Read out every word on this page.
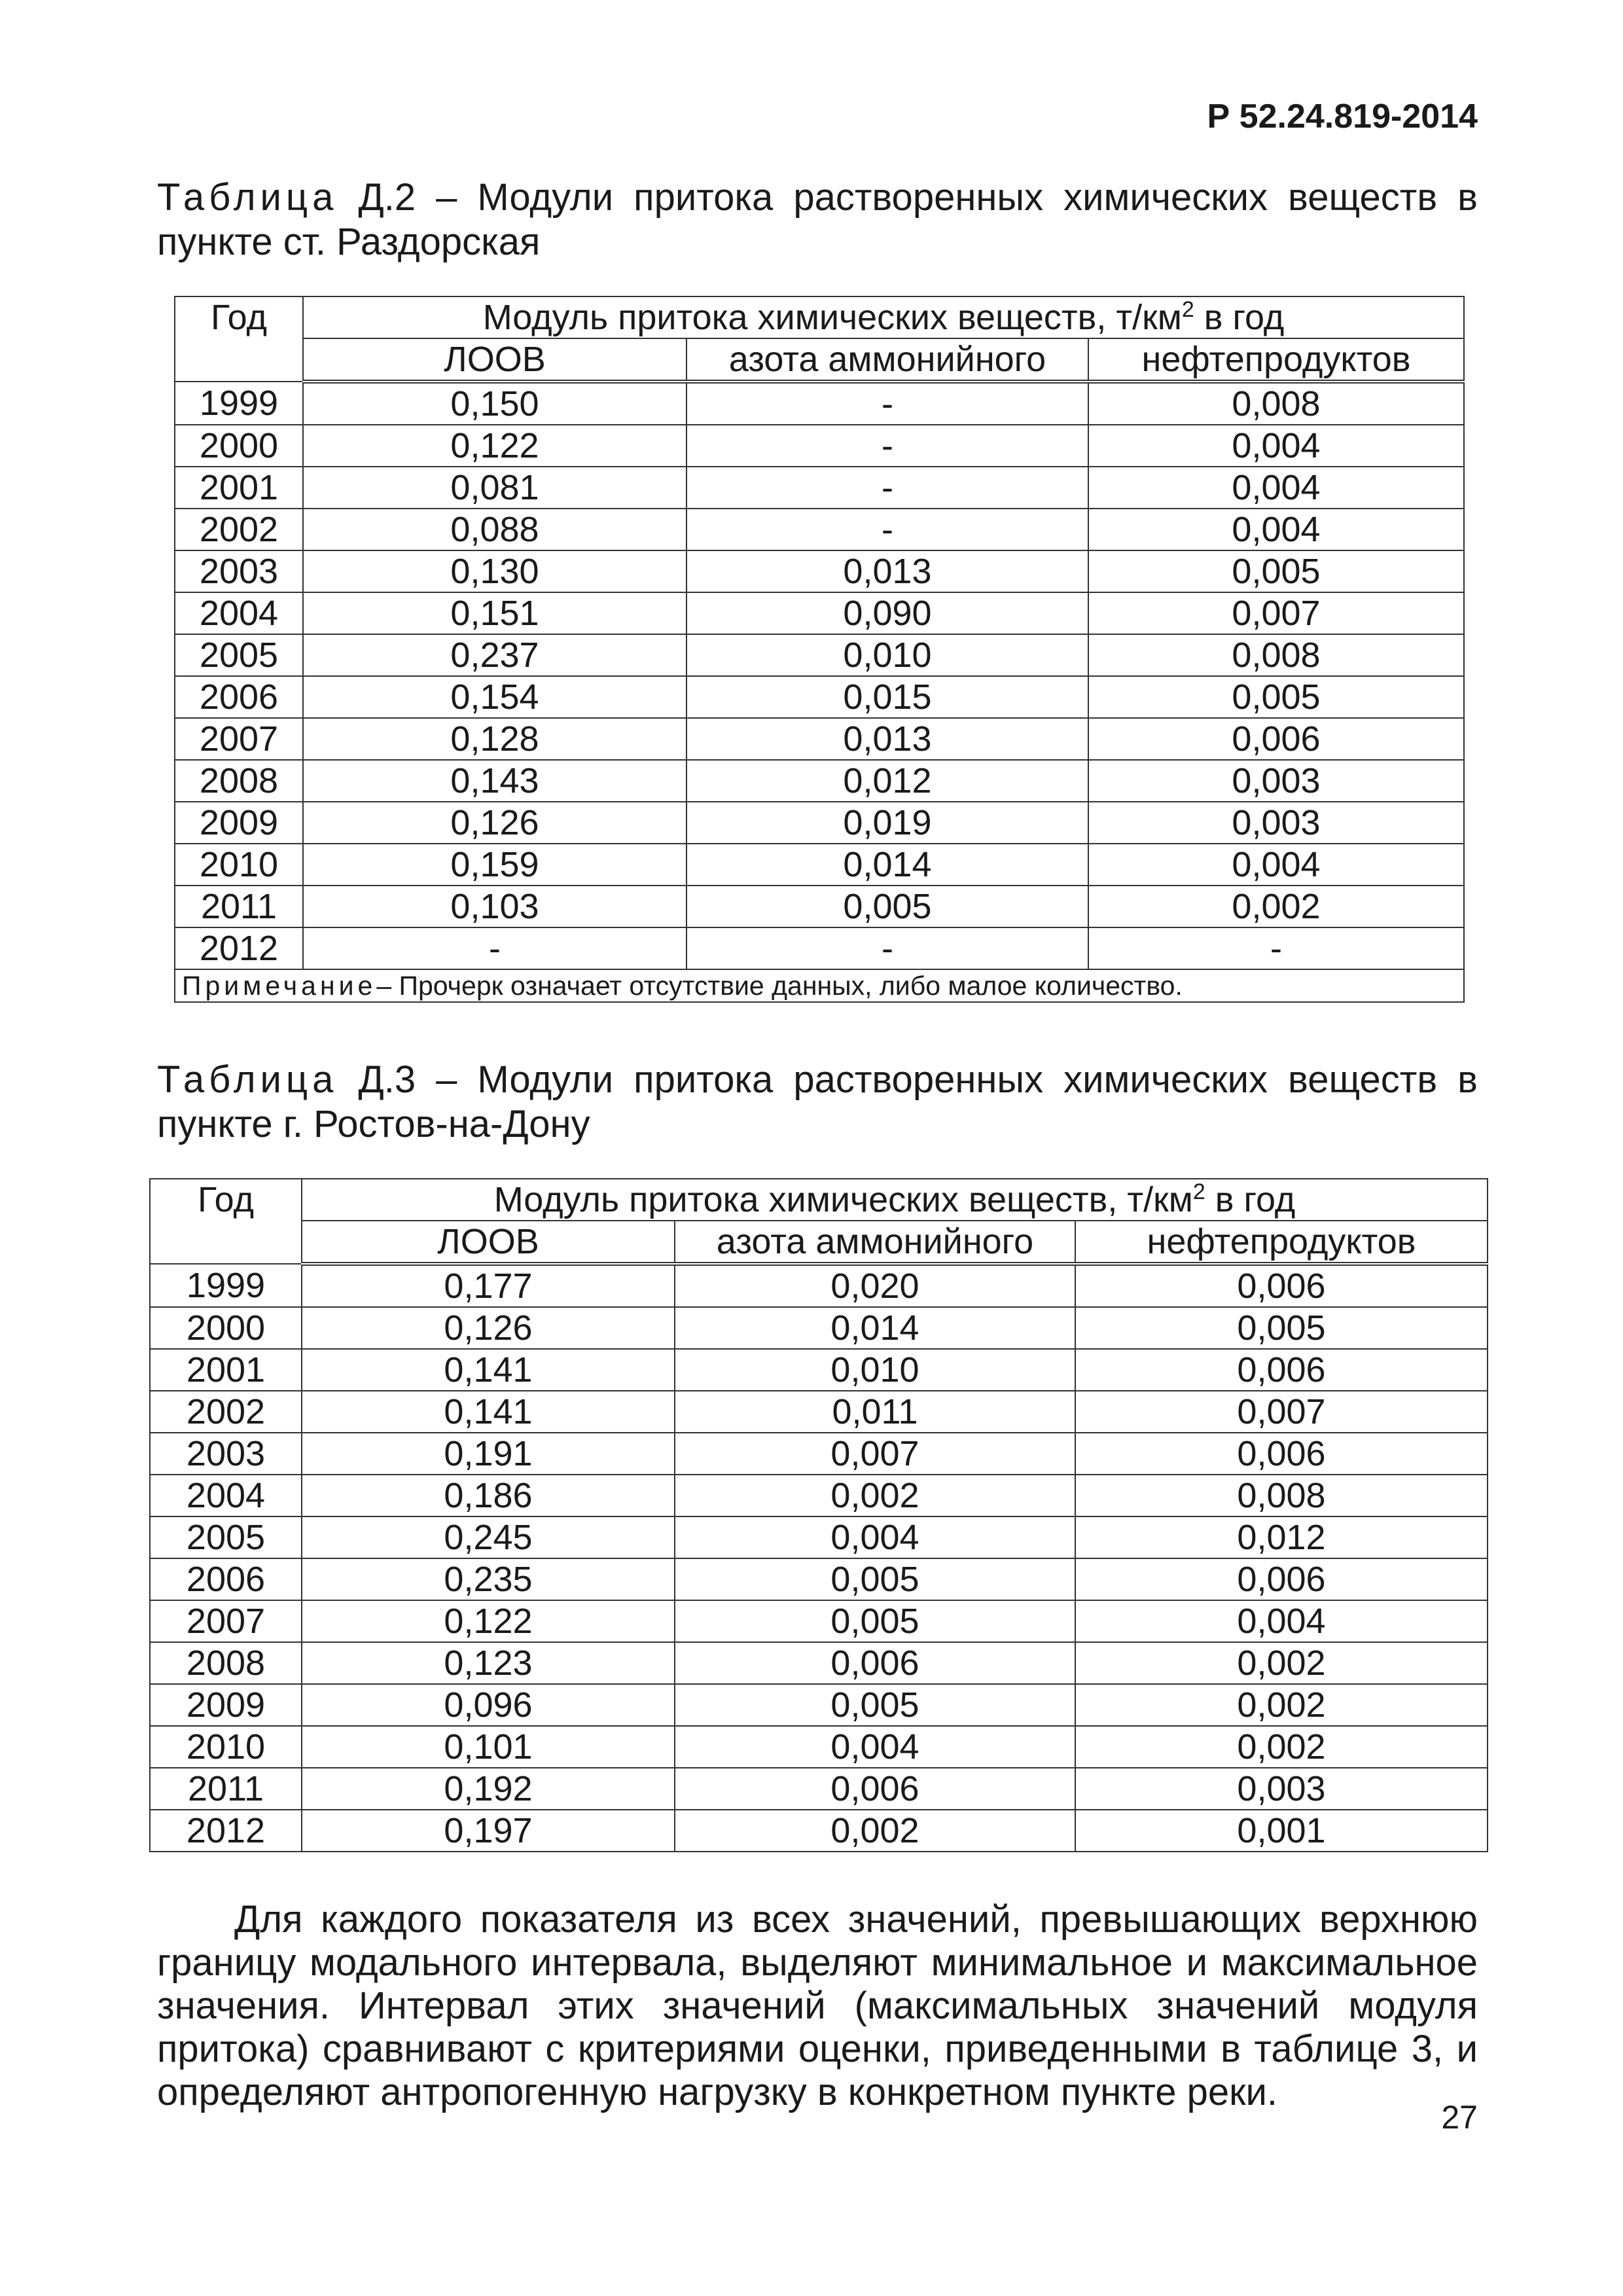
Р 52.24.819-2014
Таблица Д.2 – Модули притока растворенных химических веществ в пункте ст. Раздорская
Год	Модуль притока химических веществ, $т/км^2$ в год		
	ЛООВ	азота аммонийного	нефтепродуктов
1999	0,150	-	0,008
2000	0,122	-	0,004
2001	0,081	-	0,004
2002	0,088	-	0,004
2003	0,130	0,013	0,005
2004	0,151	0,090	0,007
2005	0,237	0,010	0,008
2006	0,154	0,015	0,005
2007	0,128	0,013	0,006
2008	0,143	0,012	0,003
2009	0,126	0,019	0,003
2010	0,159	0,014	0,004
2011	0,103	0,005	0,002
2012	-	-	-
Примечание– Прочерк означает отсутствие данных, либо малое количество.			
Таблица Д.3 – Модули притока растворенных химических веществ в пункте г. Ростов-на-Дону
Год	Модуль притока химических веществ, $т/км^2$ в год		
	ЛООВ	азота аммонийного	нефтепродуктов
1999	0,177	0,020	0,006
2000	0,126	0,014	0,005
2001	0,141	0,010	0,006
2002	0,141	0,011	0,007
2003	0,191	0,007	0,006
2004	0,186	0,002	0,008
2005	0,245	0,004	0,012
2006	0,235	0,005	0,006
2007	0,122	0,005	0,004
2008	0,123	0,006	0,002
2009	0,096	0,005	0,002
2010	0,101	0,004	0,002
2011	0,192	0,006	0,003
2012	0,197	0,002	0,001

Для каждого показателя из всех значений, превышающих верхнюю границу модального интервала, выделяют минимальное и максимальное значения. Интервал этих значений (максимальных значений модуля притока) сравнивают с критериями оценки, приведенными в таблице 3, и определяют антропогенную нагрузку в конкретном пункте реки.

27
